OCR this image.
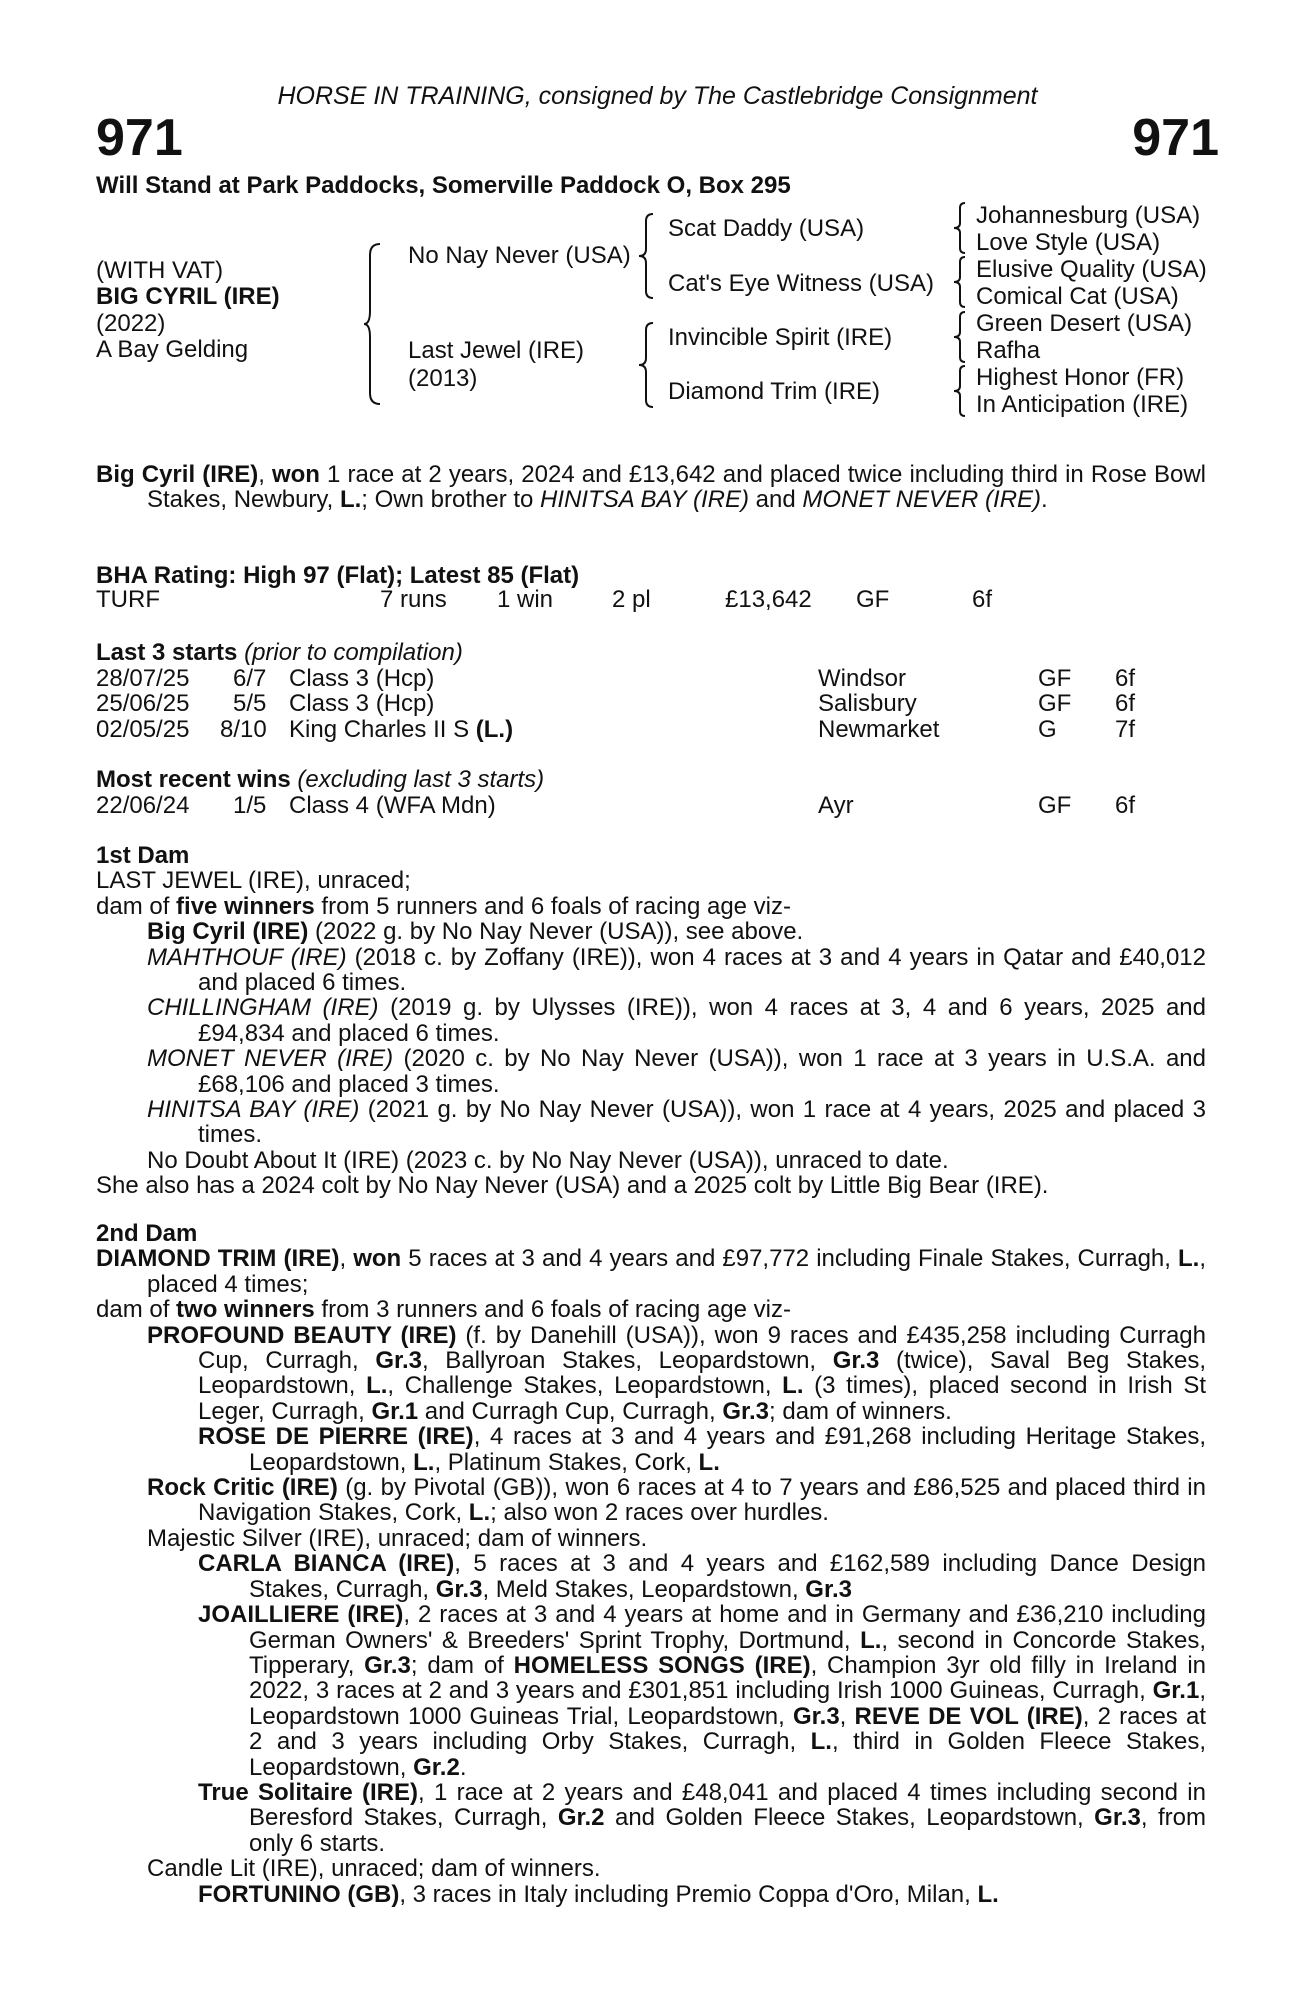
HORSE IN TRAINING, consigned by The Castlebridge Consignment
971	971
Will Stand at Park Paddocks, Somerville Paddock O, Box 295
(WITH VAT)
BIG CYRIL (IRE)
(2022)
A Bay Gelding
No Nay Never (USA)
Last Jewel (IRE)
(2013)
Scat Daddy (USA)
Cat's Eye Witness (USA)
Invincible Spirit (IRE)
Diamond Trim (IRE)
Johannesburg (USA)
Love Style (USA)
Elusive Quality (USA)
Comical Cat (USA)
Green Desert (USA)
Rafha
Highest Honor (FR)
In Anticipation (IRE)

Big Cyril (IRE), won 1 race at 2 years, 2024 and £13,642 and placed twice including third in Rose Bowl Stakes, Newbury, L.; Own brother to HINITSA BAY (IRE) and MONET NEVER (IRE).

BHA Rating: High 97 (Flat); Latest 85 (Flat)
TURF	7 runs 1 win 2 pl	£13,642 GF	6f
Last 3 starts (prior to compilation)
28/07/25 6/7 Class 3 (Hcp)	Windsor	GF 6f
25/06/25 5/5 Class 3 (Hcp)	Salisbury	GF 6f
02/05/25 8/10 King Charles II S (L.)	Newmarket	G 7f
Most recent wins (excluding last 3 starts)
22/06/24 1/5 Class 4 (WFA Mdn)	Ayr	GF 6f

1st Dam

LAST JEWEL (IRE), unraced;

dam of five winners from 5 runners and 6 foals of racing age viz-

Big Cyril (IRE) (2022 g. by No Nay Never (USA)), see above.

MAHTHOUF (IRE) (2018 c. by Zoffany (IRE)), won 4 races at 3 and 4 years in Qatar and £40,012 and placed 6 times.

CHILLINGHAM (IRE) (2019 g. by Ulysses (IRE)), won 4 races at 3, 4 and 6 years, 2025 and £94,834 and placed 6 times.

MONET NEVER (IRE) (2020 c. by No Nay Never (USA)), won 1 race at 3 years in U.S.A. and £68,106 and placed 3 times.

HINITSA BAY (IRE) (2021 g. by No Nay Never (USA)), won 1 race at 4 years, 2025 and placed 3 times.

No Doubt About It (IRE) (2023 c. by No Nay Never (USA)), unraced to date.

She also has a 2024 colt by No Nay Never (USA) and a 2025 colt by Little Big Bear (IRE).

2nd Dam

DIAMOND TRIM (IRE), won 5 races at 3 and 4 years and £97,772 including Finale Stakes, Curragh, L., placed 4 times;

dam of two winners from 3 runners and 6 foals of racing age viz-

PROFOUND BEAUTY (IRE) (f. by Danehill (USA)), won 9 races and £435,258 including Curragh Cup, Curragh, Gr.3, Ballyroan Stakes, Leopardstown, Gr.3 (twice), Saval Beg Stakes, Leopardstown, L., Challenge Stakes, Leopardstown, L. (3 times), placed second in Irish St Leger, Curragh, Gr.1 and Curragh Cup, Curragh, Gr.3; dam of winners.

ROSE DE PIERRE (IRE), 4 races at 3 and 4 years and £91,268 including Heritage Stakes, Leopardstown, L., Platinum Stakes, Cork, L.

Rock Critic (IRE) (g. by Pivotal (GB)), won 6 races at 4 to 7 years and £86,525 and placed third in Navigation Stakes, Cork, L.; also won 2 races over hurdles.

Majestic Silver (IRE), unraced; dam of winners.

CARLA BIANCA (IRE), 5 races at 3 and 4 years and £162,589 including Dance Design Stakes, Curragh, Gr.3, Meld Stakes, Leopardstown, Gr.3

JOAILLIERE (IRE), 2 races at 3 and 4 years at home and in Germany and £36,210 including German Owners' & Breeders' Sprint Trophy, Dortmund, L., second in Concorde Stakes, Tipperary, Gr.3; dam of HOMELESS SONGS (IRE), Champion 3yr old filly in Ireland in 2022, 3 races at 2 and 3 years and £301,851 including Irish 1000 Guineas, Curragh, Gr.1, Leopardstown 1000 Guineas Trial, Leopardstown, Gr.3, REVE DE VOL (IRE), 2 races at 2 and 3 years including Orby Stakes, Curragh, L., third in Golden Fleece Stakes, Leopardstown, Gr.2.

True Solitaire (IRE), 1 race at 2 years and £48,041 and placed 4 times including second in Beresford Stakes, Curragh, Gr.2 and Golden Fleece Stakes, Leopardstown, Gr.3, from only 6 starts.

Candle Lit (IRE), unraced; dam of winners.

FORTUNINO (GB), 3 races in Italy including Premio Coppa d'Oro, Milan, L.
